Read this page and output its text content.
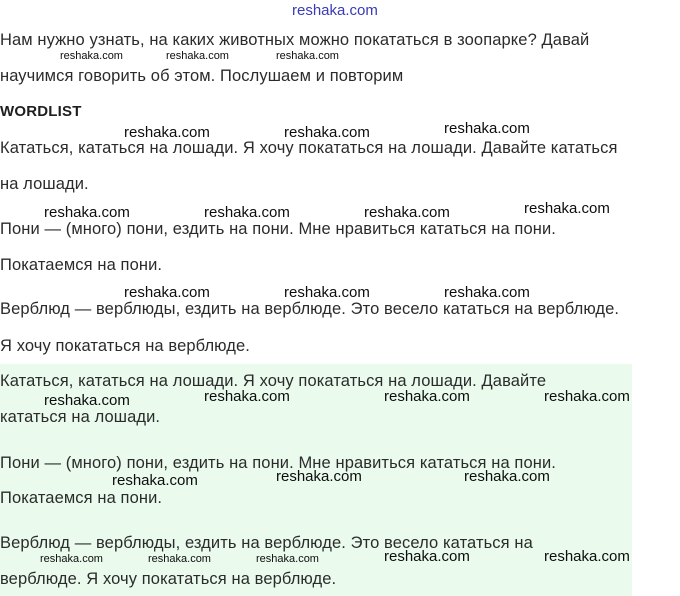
reshaka.com
Нам нужно узнать, на каких животных можно покататься в зоопарке? Давай
научимся говорить об этом. Послушаем и повторим
reshaka.com	reshaka.com	reshaka.com
WORDLIST
reshaka.com	reshaka.com	reshaka.com
Кататься, кататься на лошади. Я хочу покататься на лошади. Давайте кататься
на лошади.
reshaka.com	reshaka.com	reshaka.com	reshaka.com
Пони — (много) пони, ездить на пони. Мне нравиться кататься на пони.
Покатаемся на пони.
reshaka.com	reshaka.com	reshaka.com
Верблюд — верблюды, ездить на верблюде. Это весело кататься на верблюде.
Я хочу покататься на верблюде.
Кататься, кататься на лошади. Я хочу покататься на лошади. Давайте
reshaka.com	reshaka.com	reshaka.com	reshaka.com
кататься на лошади.
Пони — (много) пони, ездить на пони. Мне нравиться кататься на пони.
reshaka.com	reshaka.com	reshaka.com
Покатаемся на пони.
Верблюд — верблюды, ездить на верблюде. Это весело кататься на
reshaka.com	reshaka.com	reshaka.com	reshaka.com	reshaka.com
верблюде. Я хочу покататься на верблюде.
